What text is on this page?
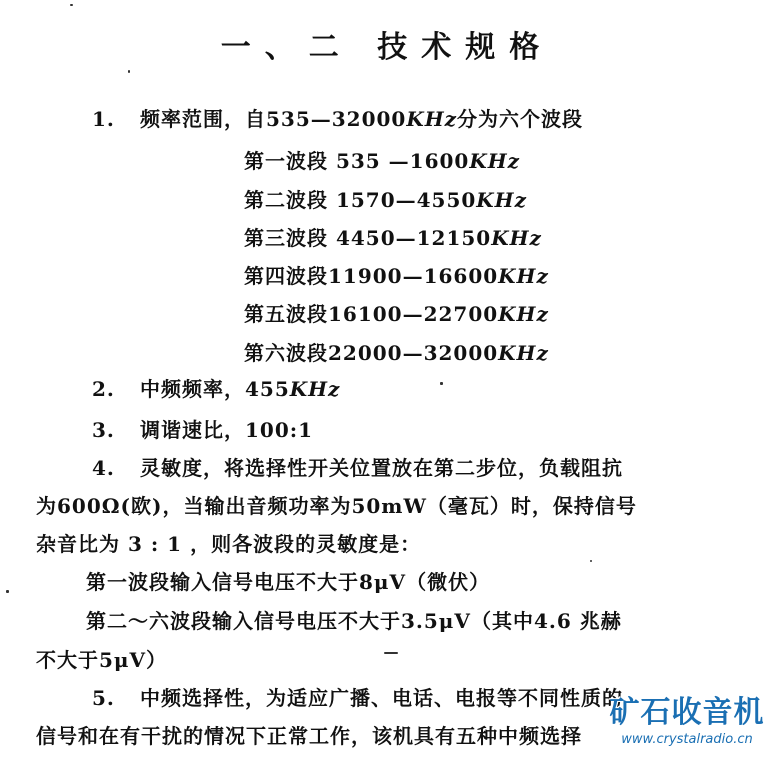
一、二 技术规格
1. 频率范围，自535—32000KHz分为六个波段
第一波段 535 —1600KHz
第二波段 1570—4550KHz
第三波段 4450—12150KHz
第四波段11900—16600KHz
第五波段16100—22700KHz
第六波段22000—32000KHz
2. 中频频率，455KHz
3. 调谐速比，100:1
4. 灵敏度，将选择性开关位置放在第二步位，负载阻抗
为600Ω(欧)，当输出音频功率为50mW（毫瓦）时，保持信号
杂音比为 3 : 1 ，则各波段的灵敏度是：
第一波段输入信号电压不大于8μV（微伏）
第二～六波段输入信号电压不大于3.5μV（其中4.6 兆赫
不大于5μV）
5. 中频选择性，为适应广播、电话、电报等不同性质的
信号和在有干扰的情况下正常工作，该机具有五种中频选择
矿石收音机
www.crystalradio.cn
